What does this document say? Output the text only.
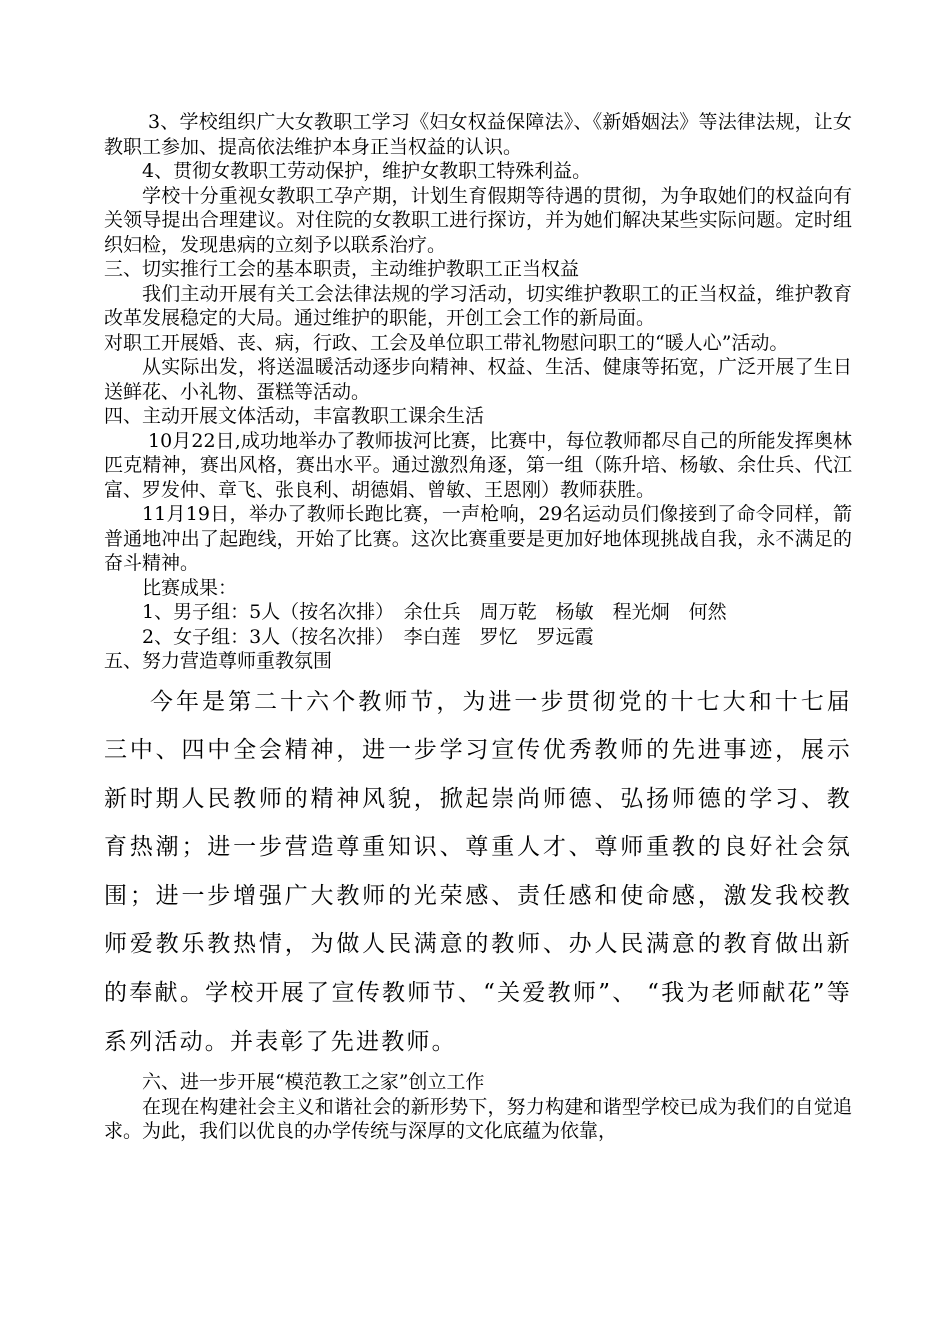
3、学校组织广大女教职工学习《妇女权益保障法》、《新婚姻法》等法律法规，让女教职工参加、提高依法维护本身正当权益的认识。

4、贯彻女教职工劳动保护，维护女教职工特殊利益。

学校十分重视女教职工孕产期，计划生育假期等待遇的贯彻，为争取她们的权益向有关领导提出合理建议。对住院的女教职工进行探访，并为她们解决某些实际问题。定时组织妇检，发现患病的立刻予以联系治疗。

三、切实推行工会的基本职责，主动维护教职工正当权益

我们主动开展有关工会法律法规的学习活动，切实维护教职工的正当权益，维护教育改革发展稳定的大局。通过维护的职能，开创工会工作的新局面。

对职工开展婚、丧、病，行政、工会及单位职工带礼物慰问职工的“暖人心”活动。

从实际出发，将送温暖活动逐步向精神、权益、生活、健康等拓宽，广泛开展了生日送鲜花、小礼物、蛋糕等活动。

四、主动开展文体活动，丰富教职工课余生活

10月22日,成功地举办了教师拔河比赛，比赛中，每位教师都尽自己的所能发挥奥林匹克精神，赛出风格，赛出水平。通过激烈角逐，第一组（陈升培、杨敏、余仕兵、代江富、罗发仲、章飞、张良利、胡德娟、曾敏、王恩刚）教师获胜。

11月19日，举办了教师长跑比赛，一声枪响，29名运动员们像接到了命令同样，箭普通地冲出了起跑线，开始了比赛。这次比赛重要是更加好地体现挑战自我，永不满足的奋斗精神。

比赛成果：

1、男子组：5人（按名次排）　余仕兵　周万乾　杨敏　程光炯　何然

2、女子组：3人（按名次排）　李白莲　罗忆　罗远霞

五、努力营造尊师重教氛围

今年是第二十六个教师节，为进一步贯彻党的十七大和十七届三中、四中全会精神，进一步学习宣传优秀教师的先进事迹，展示新时期人民教师的精神风貌，掀起崇尚师德、弘扬师德的学习、教育热潮；进一步营造尊重知识、尊重人才、尊师重教的良好社会氛围；进一步增强广大教师的光荣感、责任感和使命感，激发我校教师爱教乐教热情，为做人民满意的教师、办人民满意的教育做出新的奉献。学校开展了宣传教师节、“关爱教师”、 “我为老师献花”等系列活动。并表彰了先进教师。

六、进一步开展“模范教工之家”创立工作

在现在构建社会主义和谐社会的新形势下，努力构建和谐型学校已成为我们的自觉追求。为此，我们以优良的办学传统与深厚的文化底蕴为依靠，
